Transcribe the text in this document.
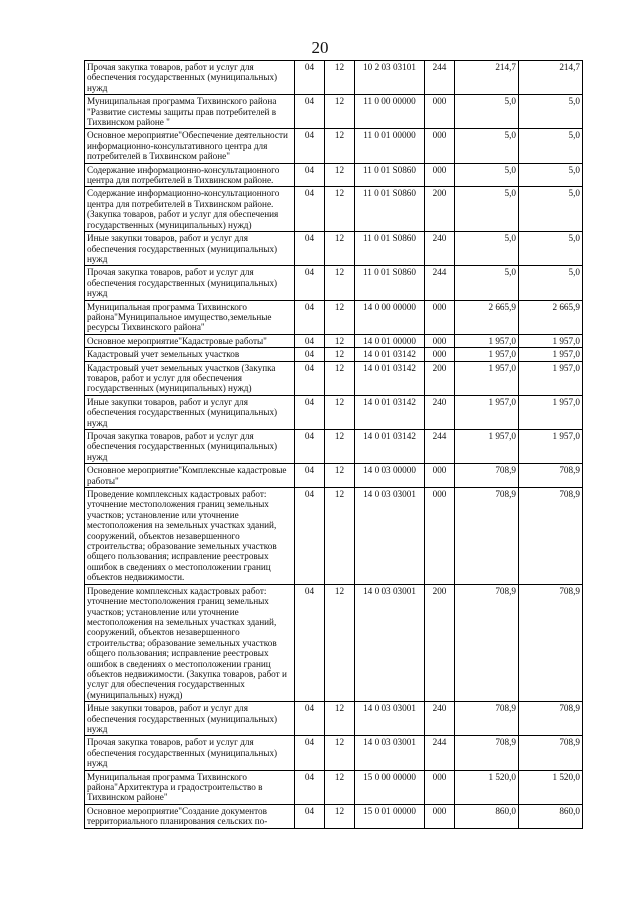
20
Прочая закупка товаров, работ и услуг для обеспечения государственных (муниципальных) нужд	04	12	10 2 03 03101	244	214,7	214,7
Муниципальная программа Тихвинского района "Развитие системы защиты прав потребителей в Тихвинском районе "	04	12	11 0 00 00000	000	5,0	5,0
Основное мероприятие"Обеспечение деятельности информационно-консультативного центра для потребителей в Тихвинском районе"	04	12	11 0 01 00000	000	5,0	5,0
Содержание информационно-консультационного центра для потребителей в Тихвинском районе.	04	12	11 0 01 S0860	000	5,0	5,0
Содержание информационно-консультационного центра для потребителей в Тихвинском районе. (Закупка товаров, работ и услуг для обеспечения государственных (муниципальных) нужд)	04	12	11 0 01 S0860	200	5,0	5,0
Иные закупки товаров, работ и услуг для обеспечения государственных (муниципальных) нужд	04	12	11 0 01 S0860	240	5,0	5,0
Прочая закупка товаров, работ и услуг для обеспечения государственных (муниципальных) нужд	04	12	11 0 01 S0860	244	5,0	5,0
Муниципальная программа Тихвинского района"Муниципальное имущество,земельные ресурсы Тихвинского района"	04	12	14 0 00 00000	000	2 665,9	2 665,9
Основное мероприятие"Кадастровые работы"	04	12	14 0 01 00000	000	1 957,0	1 957,0
Кадастровый учет земельных участков	04	12	14 0 01 03142	000	1 957,0	1 957,0
Кадастровый учет земельных участков (Закупка товаров, работ и услуг для обеспечения государственных (муниципальных) нужд)	04	12	14 0 01 03142	200	1 957,0	1 957,0
Иные закупки товаров, работ и услуг для обеспечения государственных (муниципальных) нужд	04	12	14 0 01 03142	240	1 957,0	1 957,0
Прочая закупка товаров, работ и услуг для обеспечения государственных (муниципальных) нужд	04	12	14 0 01 03142	244	1 957,0	1 957,0
Основное мероприятие"Комплексные кадастровые работы"	04	12	14 0 03 00000	000	708,9	708,9
Проведение комплексных кадастровых работ: уточнение местоположения границ земельных участков; установление или уточнение местоположения на земельных участках зданий, сооружений, объектов незавершенного строительства; образование земельных участков общего пользования; исправление реестровых ошибок в сведениях о местоположении границ объектов недвижимости.	04	12	14 0 03 03001	000	708,9	708,9
Проведение комплексных кадастровых работ: уточнение местоположения границ земельных участков; установление или уточнение местоположения на земельных участках зданий, сооружений, объектов незавершенного строительства; образование земельных участков общего пользования; исправление реестровых ошибок в сведениях о местоположении границ объектов недвижимости. (Закупка товаров, работ и услуг для обеспечения государственных (муниципальных) нужд)	04	12	14 0 03 03001	200	708,9	708,9
Иные закупки товаров, работ и услуг для обеспечения государственных (муниципальных) нужд	04	12	14 0 03 03001	240	708,9	708,9
Прочая закупка товаров, работ и услуг для обеспечения государственных (муниципальных) нужд	04	12	14 0 03 03001	244	708,9	708,9
Муниципальная программа Тихвинского района"Архитектура и градостроительство в Тихвинском районе"	04	12	15 0 00 00000	000	1 520,0	1 520,0
Основное мероприятие"Создание документов территориального планирования сельских по-	04	12	15 0 01 00000	000	860,0	860,0
